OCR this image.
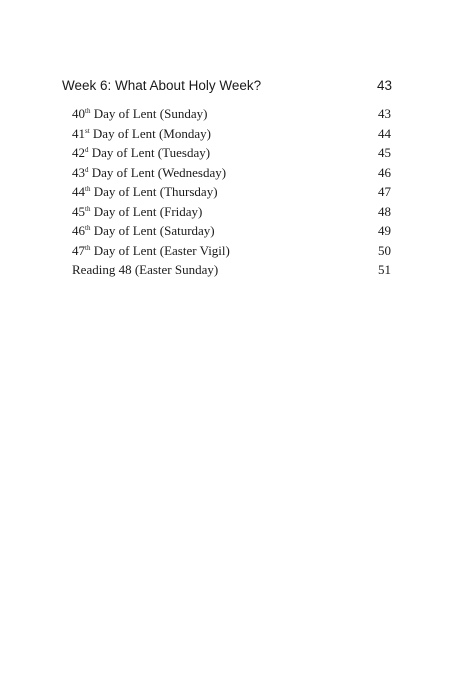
Week 6: What About Holy Week?	43
40th Day of Lent (Sunday)	43
41st Day of Lent (Monday)	44
42$^d$ Day of Lent (Tuesday)	45
43$^d$ Day of Lent (Wednesday)	46
44th Day of Lent (Thursday)	47
45th Day of Lent (Friday)	48
46th Day of Lent (Saturday)	49
47th Day of Lent (Easter Vigil)	50
Reading 48 (Easter Sunday)	51
